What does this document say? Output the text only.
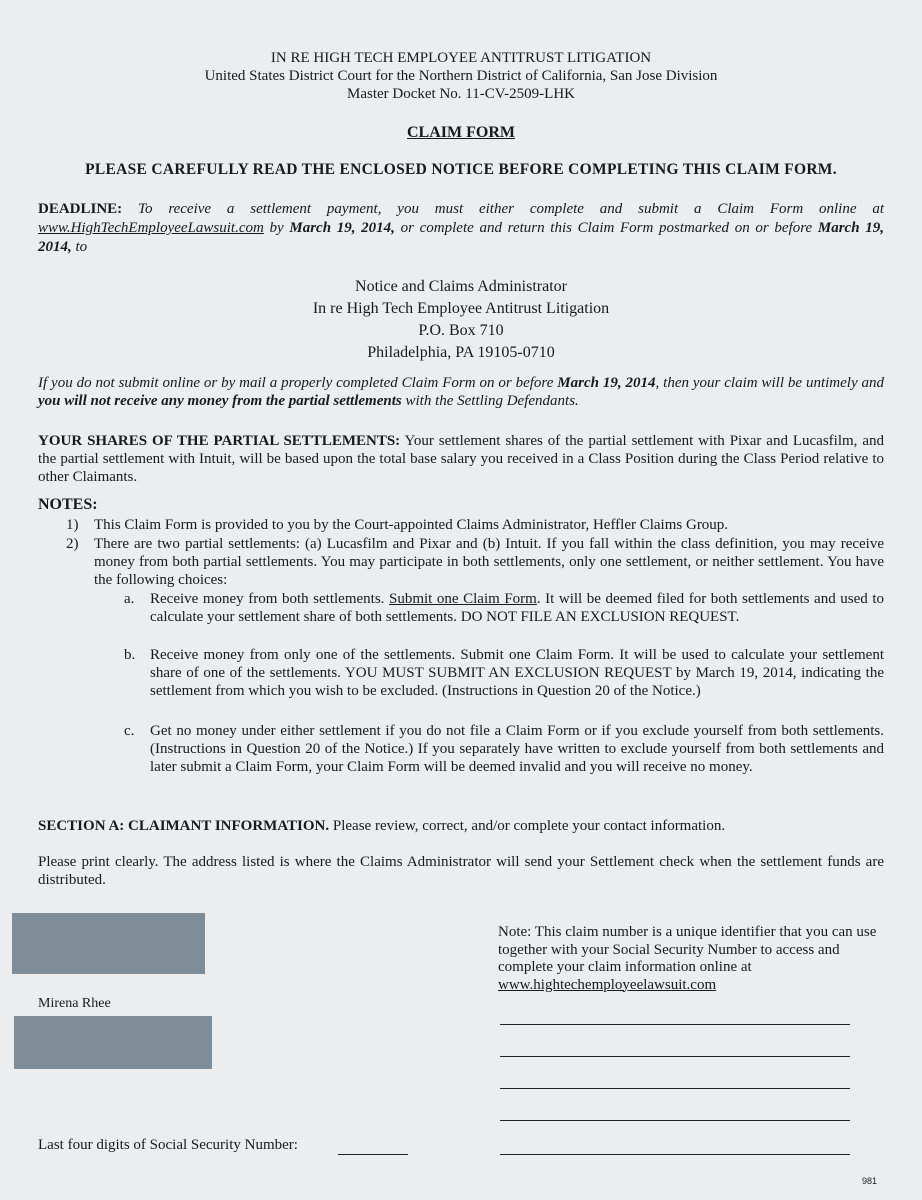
IN RE HIGH TECH EMPLOYEE ANTITRUST LITIGATION
United States District Court for the Northern District of California, San Jose Division
Master Docket No. 11-CV-2509-LHK
CLAIM FORM
PLEASE CAREFULLY READ THE ENCLOSED NOTICE BEFORE COMPLETING THIS CLAIM FORM.
DEADLINE: To receive a settlement payment, you must either complete and submit a Claim Form online at www.HighTechEmployeeLawsuit.com by March 19, 2014, or complete and return this Claim Form postmarked on or before March 19, 2014, to
Notice and Claims Administrator
In re High Tech Employee Antitrust Litigation
P.O. Box 710
Philadelphia, PA 19105-0710
If you do not submit online or by mail a properly completed Claim Form on or before March 19, 2014, then your claim will be untimely and you will not receive any money from the partial settlements with the Settling Defendants.
YOUR SHARES OF THE PARTIAL SETTLEMENTS: Your settlement shares of the partial settlement with Pixar and Lucasfilm, and the partial settlement with Intuit, will be based upon the total base salary you received in a Class Position during the Class Period relative to other Claimants.
NOTES:
1) This Claim Form is provided to you by the Court-appointed Claims Administrator, Heffler Claims Group.
2) There are two partial settlements: (a) Lucasfilm and Pixar and (b) Intuit. If you fall within the class definition, you may receive money from both partial settlements. You may participate in both settlements, only one settlement, or neither settlement. You have the following choices:
a. Receive money from both settlements. Submit one Claim Form. It will be deemed filed for both settlements and used to calculate your settlement share of both settlements. DO NOT FILE AN EXCLUSION REQUEST.
b. Receive money from only one of the settlements. Submit one Claim Form. It will be used to calculate your settlement share of one of the settlements. YOU MUST SUBMIT AN EXCLUSION REQUEST by March 19, 2014, indicating the settlement from which you wish to be excluded. (Instructions in Question 20 of the Notice.)
c. Get no money under either settlement if you do not file a Claim Form or if you exclude yourself from both settlements. (Instructions in Question 20 of the Notice.) If you separately have written to exclude yourself from both settlements and later submit a Claim Form, your Claim Form will be deemed invalid and you will receive no money.
SECTION A: CLAIMANT INFORMATION. Please review, correct, and/or complete your contact information.
Please print clearly. The address listed is where the Claims Administrator will send your Settlement check when the settlement funds are distributed.
Mirena Rhee
Note: This claim number is a unique identifier that you can use together with your Social Security Number to access and complete your claim information online at www.hightechemployeelawsuit.com
Last four digits of Social Security Number:
981
